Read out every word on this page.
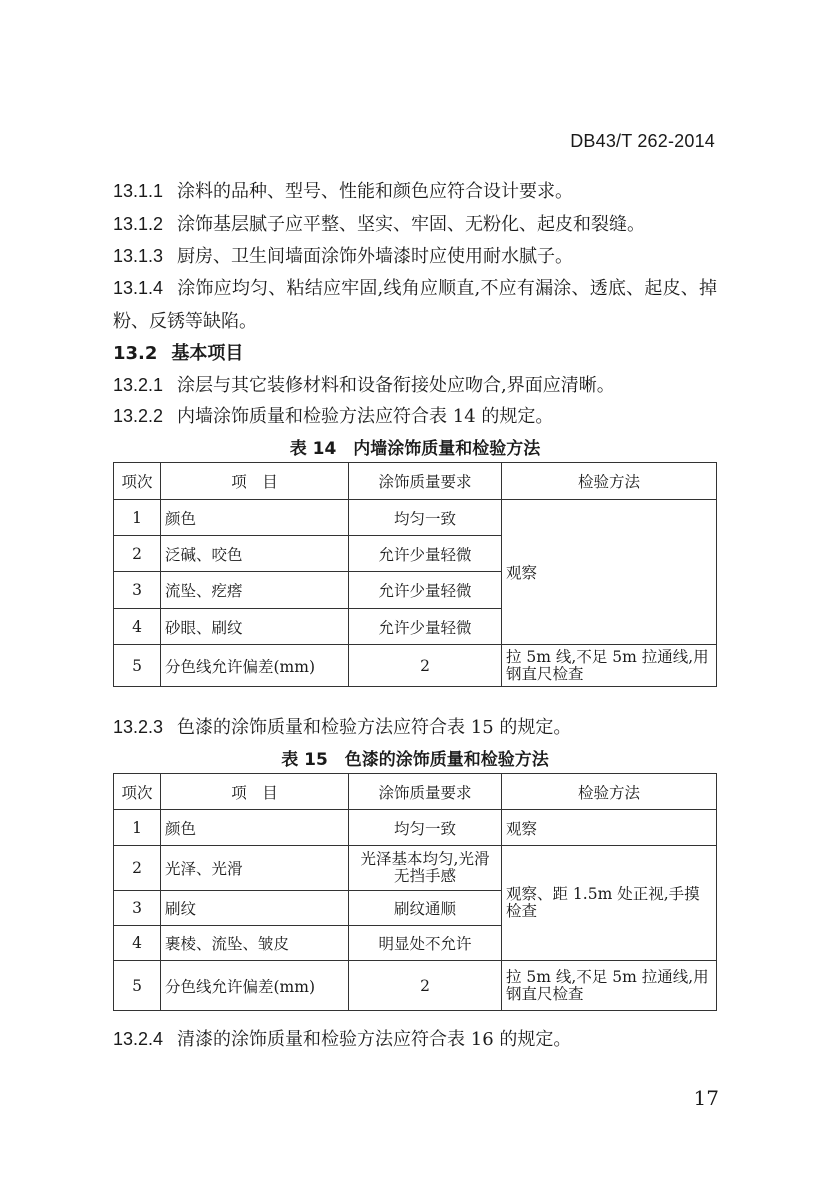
DB43/T 262-2014
13.1.1 涂料的品种、型号、性能和颜色应符合设计要求。
13.1.2 涂饰基层腻子应平整、坚实、牢固、无粉化、起皮和裂缝。
13.1.3 厨房、卫生间墙面涂饰外墙漆时应使用耐水腻子。
13.1.4 涂饰应均匀、粘结应牢固,线角应顺直,不应有漏涂、透底、起皮、掉粉、反锈等缺陷。
13.2 基本项目
13.2.1 涂层与其它装修材料和设备衔接处应吻合,界面应清晰。
13.2.2 内墙涂饰质量和检验方法应符合表 14 的规定。
表 14　内墙涂饰质量和检验方法
项次	项　目	涂饰质量要求	检验方法
1	颜色	均匀一致	观察
2	泛碱、咬色	允许少量轻微	
3	流坠、疙瘩	允许少量轻微	
4	砂眼、刷纹	允许少量轻微	
5	分色线允许偏差(mm)	2	拉 5m 线,不足 5m 拉通线,用钢直尺检查
13.2.3 色漆的涂饰质量和检验方法应符合表 15 的规定。
表 15　色漆的涂饰质量和检验方法
项次	项　目	涂饰质量要求	检验方法
1	颜色	均匀一致	观察
2	光泽、光滑	光泽基本均匀,光滑无挡手感	观察、距 1.5m 处正视,手摸检查
3	刷纹	刷纹通顺	
4	裹棱、流坠、皱皮	明显处不允许	
5	分色线允许偏差(mm)	2	拉 5m 线,不足 5m 拉通线,用钢直尺检查
13.2.4 清漆的涂饰质量和检验方法应符合表 16 的规定。
17
